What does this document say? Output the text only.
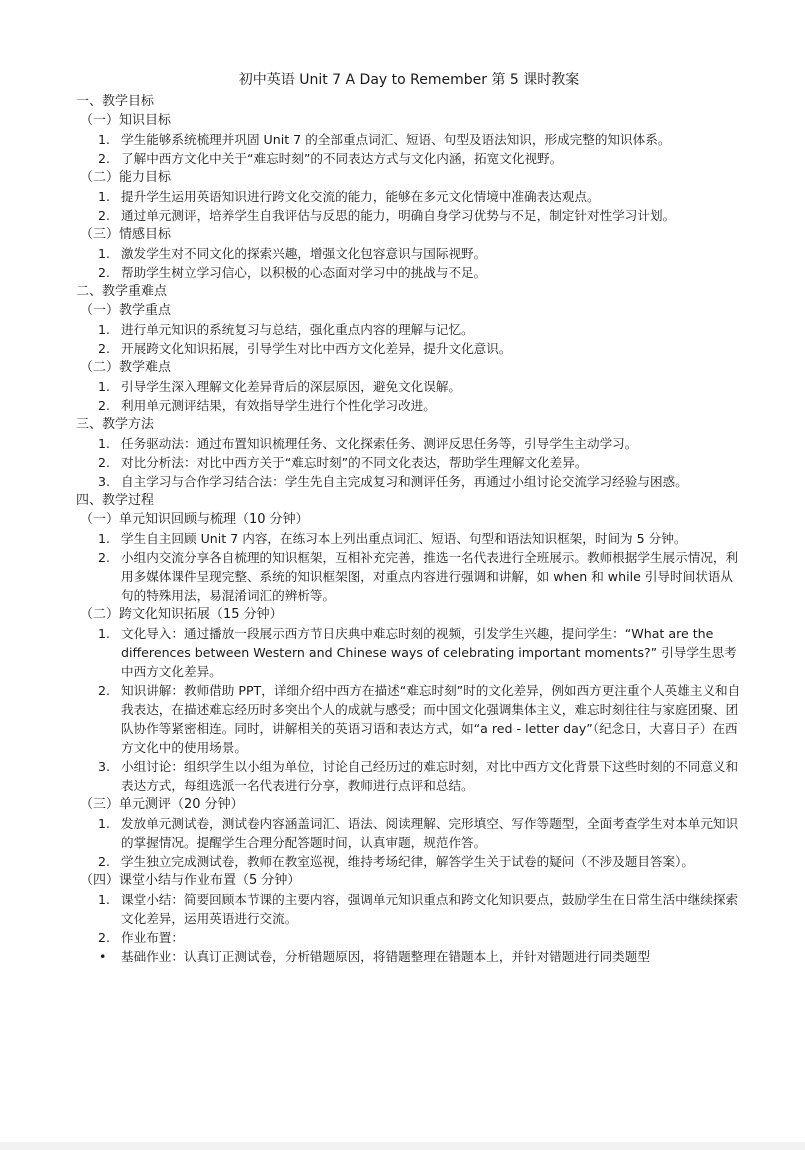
初中英语 Unit 7 A Day to Remember 第 5 课时教案
一、教学目标
（一）知识目标
1. 学生能够系统梳理并巩固 Unit 7 的全部重点词汇、短语、句型及语法知识，形成完整的知识体系。
2. 了解中西方文化中关于“难忘时刻”的不同表达方式与文化内涵，拓宽文化视野。
（二）能力目标
1. 提升学生运用英语知识进行跨文化交流的能力，能够在多元文化情境中准确表达观点。
2. 通过单元测评，培养学生自我评估与反思的能力，明确自身学习优势与不足，制定针对性学习计划。
（三）情感目标
1. 激发学生对不同文化的探索兴趣，增强文化包容意识与国际视野。
2. 帮助学生树立学习信心，以积极的心态面对学习中的挑战与不足。
二、教学重难点
（一）教学重点
1. 进行单元知识的系统复习与总结，强化重点内容的理解与记忆。
2. 开展跨文化知识拓展，引导学生对比中西方文化差异，提升文化意识。
（二）教学难点
1. 引导学生深入理解文化差异背后的深层原因，避免文化误解。
2. 利用单元测评结果，有效指导学生进行个性化学习改进。
三、教学方法
1. 任务驱动法：通过布置知识梳理任务、文化探索任务、测评反思任务等，引导学生主动学习。
2. 对比分析法：对比中西方关于“难忘时刻”的不同文化表达，帮助学生理解文化差异。
3. 自主学习与合作学习结合法：学生先自主完成复习和测评任务，再通过小组讨论交流学习经验与困惑。
四、教学过程
（一）单元知识回顾与梳理（10 分钟）
1. 学生自主回顾 Unit 7 内容，在练习本上列出重点词汇、短语、句型和语法知识框架，时间为 5 分钟。
2. 小组内交流分享各自梳理的知识框架，互相补充完善，推选一名代表进行全班展示。教师根据学生展示情况，利用多媒体课件呈现完整、系统的知识框架图，对重点内容进行强调和讲解，如 when 和 while 引导时间状语从句的特殊用法，易混淆词汇的辨析等。
（二）跨文化知识拓展（15 分钟）
1. 文化导入：通过播放一段展示西方节日庆典中难忘时刻的视频，引发学生兴趣，提问学生：“What are the differences between Western and Chinese ways of celebrating important moments?” 引导学生思考中西方文化差异。
2. 知识讲解：教师借助 PPT，详细介绍中西方在描述“难忘时刻”时的文化差异，例如西方更注重个人英雄主义和自我表达，在描述难忘经历时多突出个人的成就与感受；而中国文化强调集体主义，难忘时刻往往与家庭团聚、团队协作等紧密相连。同时，讲解相关的英语习语和表达方式，如“a red - letter day”（纪念日，大喜日子）在西方文化中的使用场景。
3. 小组讨论：组织学生以小组为单位，讨论自己经历过的难忘时刻，对比中西方文化背景下这些时刻的不同意义和表达方式，每组选派一名代表进行分享，教师进行点评和总结。
（三）单元测评（20 分钟）
1. 发放单元测试卷，测试卷内容涵盖词汇、语法、阅读理解、完形填空、写作等题型，全面考查学生对本单元知识的掌握情况。提醒学生合理分配答题时间，认真审题，规范作答。
2. 学生独立完成测试卷，教师在教室巡视，维持考场纪律，解答学生关于试卷的疑问（不涉及题目答案）。
（四）课堂小结与作业布置（5 分钟）
1. 课堂小结：简要回顾本节课的主要内容，强调单元知识重点和跨文化知识要点，鼓励学生在日常生活中继续探索文化差异，运用英语进行交流。
2. 作业布置：
• 基础作业：认真订正测试卷，分析错题原因，将错题整理在错题本上，并针对错题进行同类题型
